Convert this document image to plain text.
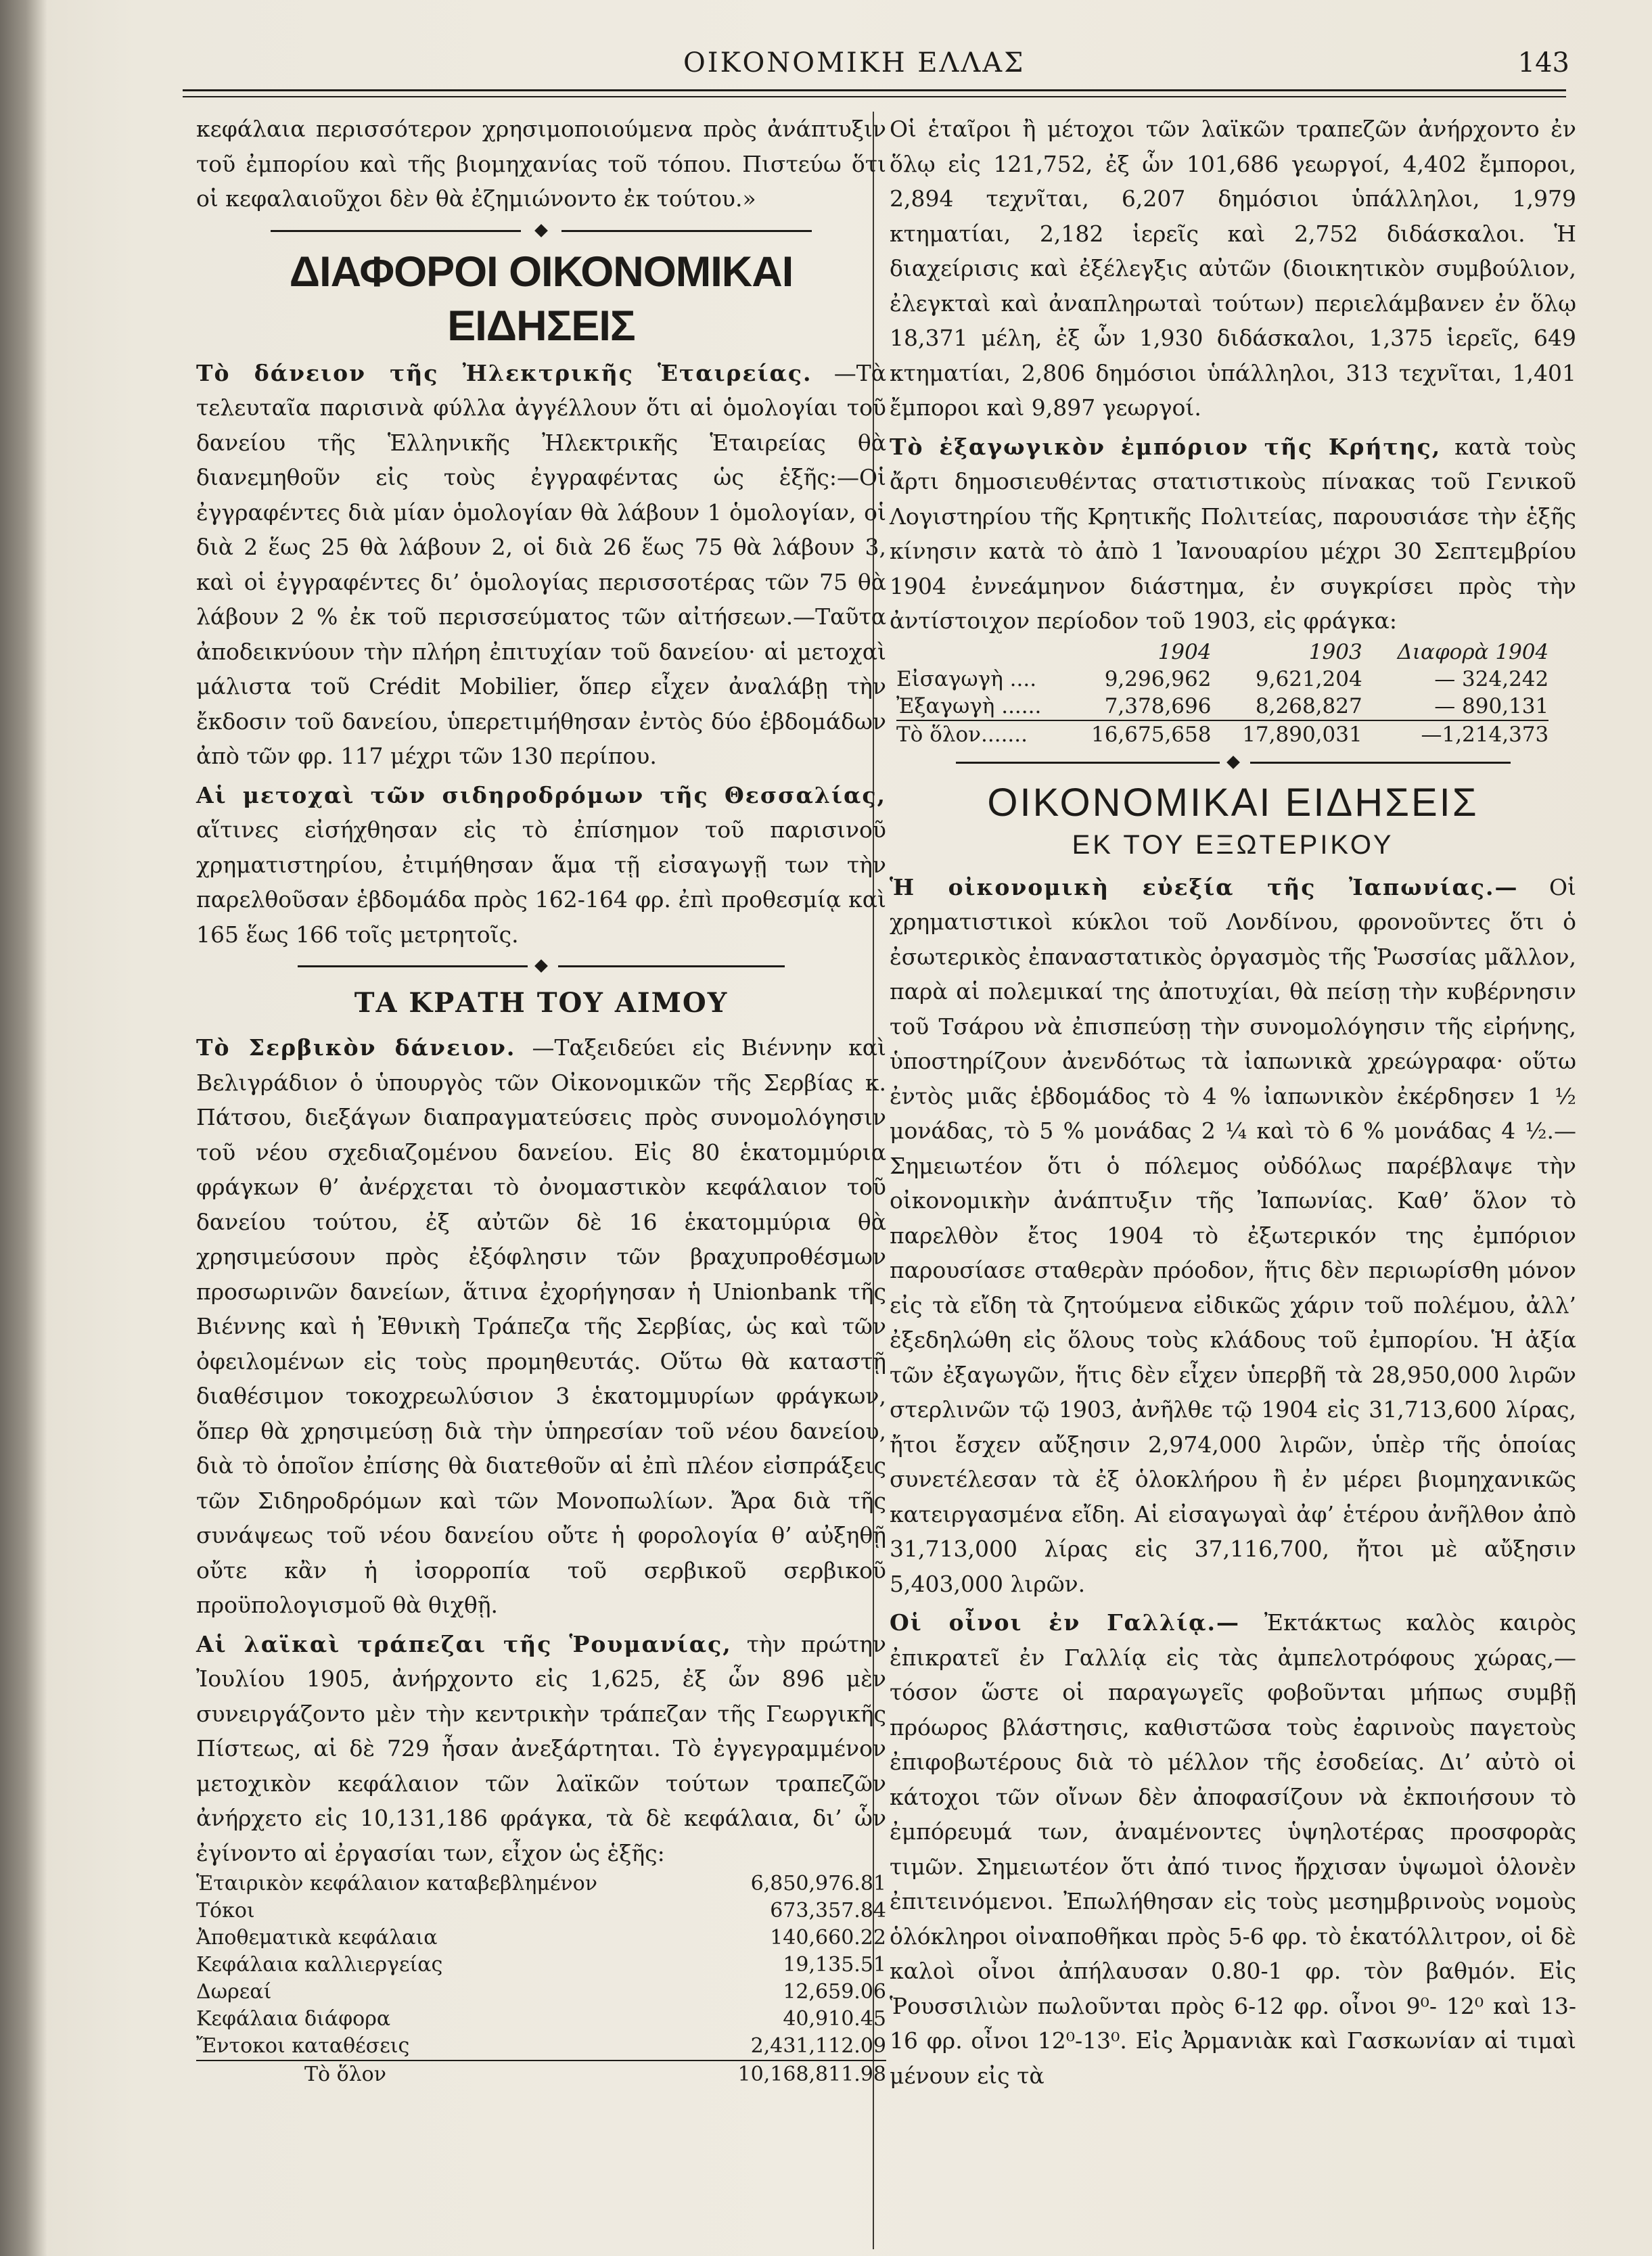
ΟΙΚΟΝΟΜΙΚΗ ΕΛΛΑΣ	143

κεφάλαια περισσότερον χρησιμοποιούμενα πρὸς ἀνάπτυξιν τοῦ ἐμπορίου καὶ τῆς βιομηχανίας τοῦ τόπου. Πιστεύω ὅτι οἱ κεφαλαιοῦχοι δὲν θὰ ἐζημιώνοντο ἐκ τούτου.»

ΔΙΑΦΟΡΟΙ ΟΙΚΟΝΟΜΙΚΑΙ ΕΙΔΗΣΕΙΣ

Τὸ δάνειον τῆς Ἠλεκτρικῆς Ἑταιρείας. —Τὰ τελευταῖα παρισινὰ φύλλα ἀγγέλλουν ὅτι αἱ ὁμολογίαι τοῦ δανείου τῆς Ἑλληνικῆς Ἠλεκτρικῆς Ἑταιρείας θὰ διανεμηθοῦν εἰς τοὺς ἐγγραφέντας ὡς ἑξῆς:—Οἱ ἐγγραφέντες διὰ μίαν ὁμολογίαν θὰ λάβουν 1 ὁμολογίαν, οἱ διὰ 2 ἕως 25 θὰ λάβουν 2, οἱ διὰ 26 ἕως 75 θὰ λάβουν 3, καὶ οἱ ἐγγραφέντες δι’ ὁμολογίας περισσοτέρας τῶν 75 θὰ λάβουν 2 % ἐκ τοῦ περισσεύματος τῶν αἰτήσεων.—Ταῦτα ἀποδεικνύουν τὴν πλήρη ἐπιτυχίαν τοῦ δανείου· αἱ μετοχαὶ μάλιστα τοῦ Crédit Mobilier, ὅπερ εἶχεν ἀναλάβῃ τὴν ἔκδοσιν τοῦ δανείου, ὑπερετιμήθησαν ἐντὸς δύο ἑβδομάδων ἀπὸ τῶν φρ. 117 μέχρι τῶν 130 περίπου.

Αἱ μετοχαὶ τῶν σιδηροδρόμων τῆς Θεσσαλίας, αἵτινες εἰσήχθησαν εἰς τὸ ἐπίσημον τοῦ παρισινοῦ χρηματιστηρίου, ἐτιμήθησαν ἅμα τῇ εἰσαγωγῇ των τὴν παρελθοῦσαν ἑβδομάδα πρὸς 162-164 φρ. ἐπὶ προθεσμίᾳ καὶ 165 ἕως 166 τοῖς μετρητοῖς.

ΤΑ ΚΡΑΤΗ ΤΟΥ ΑΙΜΟΥ

Τὸ Σερβικὸν δάνειον. —Ταξειδεύει εἰς Βιέννην καὶ Βελιγράδιον ὁ ὑπουργὸς τῶν Οἰκονομικῶν τῆς Σερβίας κ. Πάτσου, διεξάγων διαπραγματεύσεις πρὸς συνομολόγησιν τοῦ νέου σχεδιαζομένου δανείου. Εἰς 80 ἑκατομμύρια φράγκων θ’ ἀνέρχεται τὸ ὀνομαστικὸν κεφάλαιον τοῦ δανείου τούτου, ἐξ αὐτῶν δὲ 16 ἑκατομμύρια θὰ χρησιμεύσουν πρὸς ἐξόφλησιν τῶν βραχυπροθέσμων προσωρινῶν δανείων, ἅτινα ἐχορήγησαν ἡ Unionbank τῆς Βιέννης καὶ ἡ Ἐθνικὴ Τράπεζα τῆς Σερβίας, ὡς καὶ τῶν ὀφειλομένων εἰς τοὺς προμηθευτάς. Οὕτω θὰ καταστῇ διαθέσιμον τοκοχρεωλύσιον 3 ἑκατομμυρίων φράγκων, ὅπερ θὰ χρησιμεύσῃ διὰ τὴν ὑπηρεσίαν τοῦ νέου δανείου, διὰ τὸ ὁποῖον ἐπίσης θὰ διατεθοῦν αἱ ἐπὶ πλέον εἰσπράξεις τῶν Σιδηροδρόμων καὶ τῶν Μονοπωλίων. Ἄρα διὰ τῆς συνάψεως τοῦ νέου δανείου οὔτε ἡ φορολογία θ’ αὐξηθῇ οὔτε κἂν ἡ ἰσορροπία τοῦ σερβικοῦ σερβικοῦ προϋπολογισμοῦ θὰ θιχθῇ.

Αἱ λαϊκαὶ τράπεζαι τῆς Ῥουμανίας, τὴν πρώτην Ἰουλίου 1905, ἀνήρχοντο εἰς 1,625, ἐξ ὧν 896 μὲν συνειργάζοντο μὲν τὴν κεντρικὴν τράπεζαν τῆς Γεωργικῆς Πίστεως, αἱ δὲ 729 ἦσαν ἀνεξάρτηται. Τὸ ἐγγεγραμμένον μετοχικὸν κεφάλαιον τῶν λαϊκῶν τούτων τραπεζῶν ἀνήρχετο εἰς 10,131,186 φράγκα, τὰ δὲ κεφάλαια, δι’ ὧν ἐγίνοντο αἱ ἐργασίαι των, εἶχον ὡς ἑξῆς:

Ἑταιρικὸν κεφάλαιον καταβεβλημένον	6,850,976.81
Τόκοι	673,357.84
Ἀποθεματικὰ κεφάλαια	140,660.22
Κεφάλαια καλλιεργείας	19,135.51
Δωρεαί	12,659.06
Κεφάλαια διάφορα	40,910.45
Ἔντοκοι καταθέσεις	2,431,112.09
Τὸ ὅλον	10,168,811.98

Οἱ ἑταῖροι ἢ μέτοχοι τῶν λαϊκῶν τραπεζῶν ἀνήρχοντο ἐν ὅλῳ εἰς 121,752, ἐξ ὧν 101,686 γεωργοί, 4,402 ἔμποροι, 2,894 τεχνῖται, 6,207 δημόσιοι ὑπάλληλοι, 1,979 κτηματίαι, 2,182 ἱερεῖς καὶ 2,752 διδάσκαλοι. Ἡ διαχείρισις καὶ ἐξέλεγξις αὐτῶν (διοικητικὸν συμβούλιον, ἐλεγκταὶ καὶ ἀναπληρωταὶ τούτων) περιελάμβανεν ἐν ὅλῳ 18,371 μέλη, ἐξ ὧν 1,930 διδάσκαλοι, 1,375 ἱερεῖς, 649 κτηματίαι, 2,806 δημόσιοι ὑπάλληλοι, 313 τεχνῖται, 1,401 ἔμποροι καὶ 9,897 γεωργοί.

Τὸ ἐξαγωγικὸν ἐμπόριον τῆς Κρήτης, κατὰ τοὺς ἄρτι δημοσιευθέντας στατιστικοὺς πίνακας τοῦ Γενικοῦ Λογιστηρίου τῆς Κρητικῆς Πολιτείας, παρουσιάσε τὴν ἑξῆς κίνησιν κατὰ τὸ ἀπὸ 1 Ἰανουαρίου μέχρι 30 Σεπτεμβρίου 1904 ἐννεάμηνον διάστημα, ἐν συγκρίσει πρὸς τὴν ἀντίστοιχον περίοδον τοῦ 1903, εἰς φράγκα:

	1904	1903	Διαφορὰ 1904
Εἰσαγωγὴ ....	9,296,962	9,621,204	— 324,242
Ἐξαγωγὴ ......	7,378,696	8,268,827	— 890,131
Τὸ ὅλον.......	16,675,658	17,890,031	—1,214,373
ΟΙΚΟΝΟΜΙΚΑΙ ΕΙΔΗΣΕΙΣ
ΕΚ ΤΟΥ ΕΞΩΤΕΡΙΚΟΥ

Ἡ οἰκονομικὴ εὐεξία τῆς Ἰαπωνίας.— Οἱ χρηματιστικοὶ κύκλοι τοῦ Λονδίνου, φρονοῦντες ὅτι ὁ ἐσωτερικὸς ἐπαναστατικὸς ὀργασμὸς τῆς Ῥωσσίας μᾶλλον, παρὰ αἱ πολεμικαί της ἀποτυχίαι, θὰ πείσῃ τὴν κυβέρνησιν τοῦ Τσάρου νὰ ἐπισπεύσῃ τὴν συνομολόγησιν τῆς εἰρήνης, ὑποστηρίζουν ἀνενδότως τὰ ἰαπωνικὰ χρεώγραφα· οὕτω ἐντὸς μιᾶς ἑβδομάδος τὸ 4 % ἰαπωνικὸν ἐκέρδησεν 1 ½ μονάδας, τὸ 5 % μονάδας 2 ¼ καὶ τὸ 6 % μονάδας 4 ½.— Σημειωτέον ὅτι ὁ πόλεμος οὐδόλως παρέβλαψε τὴν οἰκονομικὴν ἀνάπτυξιν τῆς Ἰαπωνίας. Καθ’ ὅλον τὸ παρελθὸν ἔτος 1904 τὸ ἐξωτερικόν της ἐμπόριον παρουσίασε σταθερὰν πρόοδον, ἥτις δὲν περιωρίσθη μόνον εἰς τὰ εἴδη τὰ ζητούμενα εἰδικῶς χάριν τοῦ πολέμου, ἀλλ’ ἐξεδηλώθη εἰς ὅλους τοὺς κλάδους τοῦ ἐμπορίου. Ἡ ἀξία τῶν ἐξαγωγῶν, ἥτις δὲν εἶχεν ὑπερβῆ τὰ 28,950,000 λιρῶν στερλινῶν τῷ 1903, ἀνῆλθε τῷ 1904 εἰς 31,713,600 λίρας, ἤτοι ἔσχεν αὔξησιν 2,974,000 λιρῶν, ὑπὲρ τῆς ὁποίας συνετέλεσαν τὰ ἐξ ὁλοκλήρου ἢ ἐν μέρει βιομηχανικῶς κατειργασμένα εἴδη. Αἱ εἰσαγωγαὶ ἀφ’ ἑτέρου ἀνῆλθον ἀπὸ 31,713,000 λίρας εἰς 37,116,700, ἤτοι μὲ αὔξησιν 5,403,000 λιρῶν.

Οἱ οἶνοι ἐν Γαλλίᾳ.— Ἐκτάκτως καλὸς καιρὸς ἐπικρατεῖ ἐν Γαλλίᾳ εἰς τὰς ἀμπελοτρόφους χώρας,— τόσον ὥστε οἱ παραγωγεῖς φοβοῦνται μήπως συμβῇ πρόωρος βλάστησις, καθιστῶσα τοὺς ἐαρινοὺς παγετοὺς ἐπιφοβωτέρους διὰ τὸ μέλλον τῆς ἐσοδείας. Δι’ αὐτὸ οἱ κάτοχοι τῶν οἴνων δὲν ἀποφασίζουν νὰ ἐκποιήσουν τὸ ἐμπόρευμά των, ἀναμένοντες ὑψηλοτέρας προσφορὰς τιμῶν. Σημειωτέον ὅτι ἀπό τινος ἤρχισαν ὑψωμοὶ ὁλονὲν ἐπιτεινόμενοι. Ἐπωλήθησαν εἰς τοὺς μεσημβρινοὺς νομοὺς ὁλόκληροι οἰναποθῆκαι πρὸς 5-6 φρ. τὸ ἑκατόλλιτρον, οἱ δὲ καλοὶ οἶνοι ἀπήλαυσαν 0.80-1 φρ. τὸν βαθμόν. Εἰς Ῥουσσιλιὼν πωλοῦνται πρὸς 6-12 φρ. οἶνοι 9⁰- 12⁰ καὶ 13-16 φρ. οἶνοι 12⁰-13⁰. Εἰς Ἀρμανιὰκ καὶ Γασκωνίαν αἱ τιμαὶ μένουν εἰς τὰ
